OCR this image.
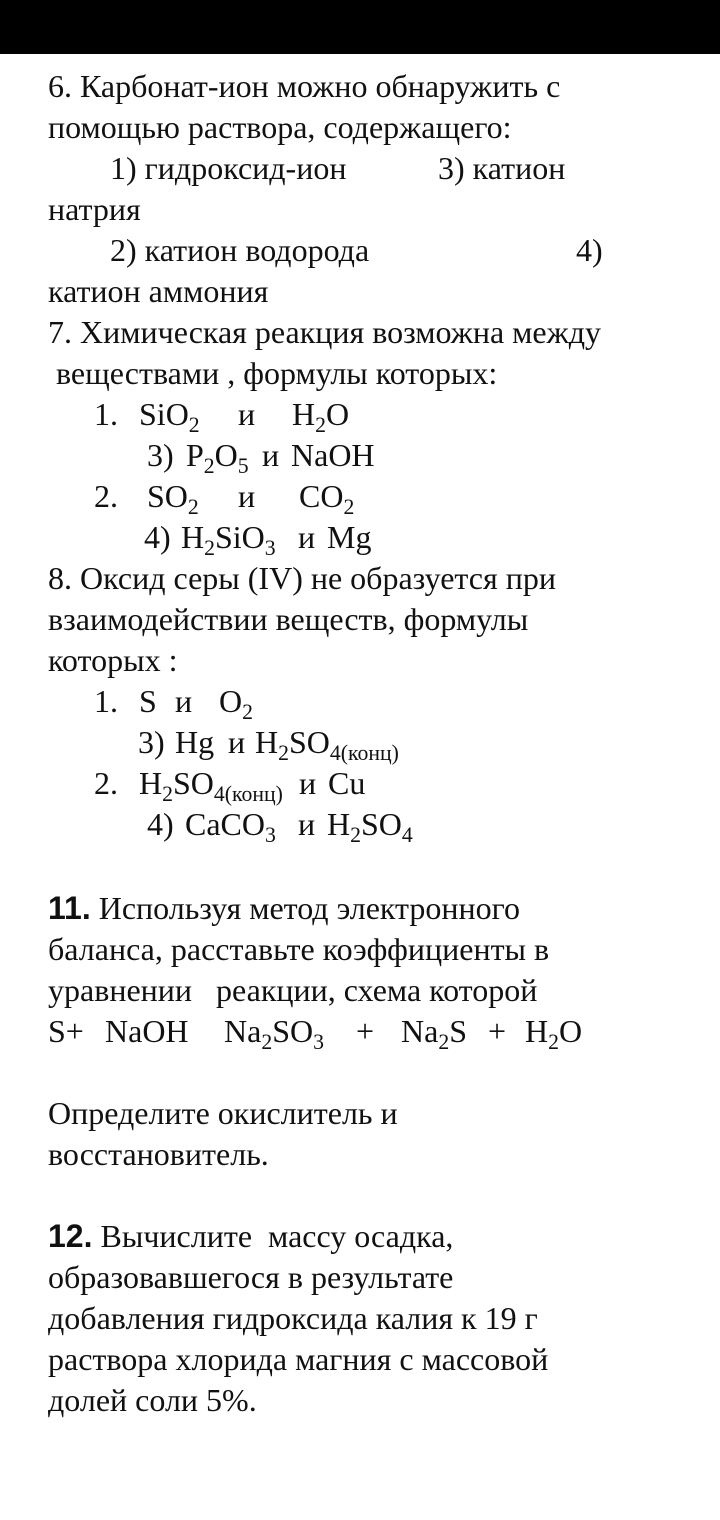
6. Карбонат-ион можно обнаружить с
помощью раствора, содержащего:
1) гидроксид-ион	3) катион
натрия
2) катион водорода	4)
катион аммония
7. Химическая реакция возможна между
веществами , формулы которых:
1. SiO$_2$ и $H_2O$
3) $P_2O_5$ и NaOH
2. $SO_2$ и $CO_2$
4) $H_2SiO_3$ и Mg
8. Оксид серы (IV) не образуется при
взаимодействии веществ, формулы
которых :
1. S и $O_2$
3) Hg и $H_2SO_{4(конц)}$
2. $H_2SO_{4(конц)}$ и Cu
4) CaCO$_3$ и $H_2SO_4$
11. Используя метод электронного
баланса, расставьте коэффициенты в
уравнении   реакции, схема которой
S+ NaOH $Na_2SO_3 + Na_2S + H_2O$
Определите окислитель и
восстановитель.
12. Вычислите  массу осадка,
образовавшегося в результате
добавления гидроксида калия к 19 г
раствора хлорида магния с массовой
долей соли 5%.
